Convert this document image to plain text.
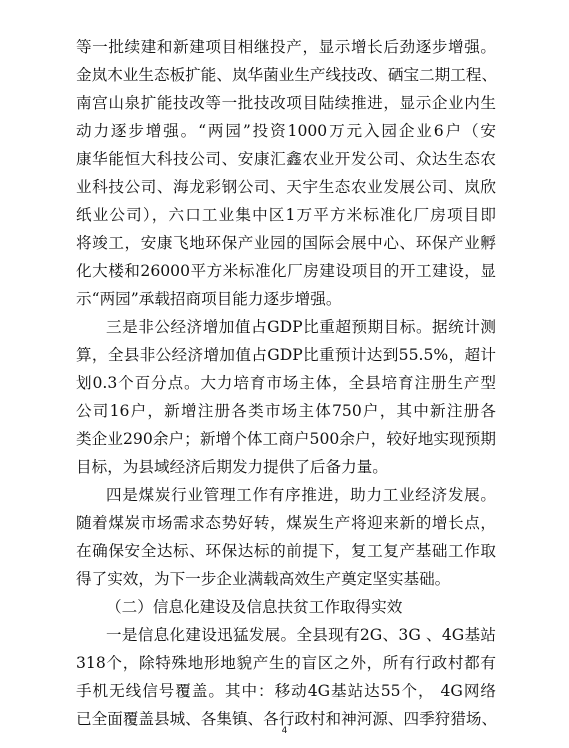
等一批续建和新建项目相继投产，显示增长后劲逐步增强。
金岚木业生态板扩能、岚华菌业生产线技改、硒宝二期工程、
南宫山泉扩能技改等一批技改项目陆续推进，显示企业内生
动力逐步增强。“两园”投资1000万元入园企业6户（安
康华能恒大科技公司、安康汇鑫农业开发公司、众达生态农
业科技公司、海龙彩钢公司、天宇生态农业发展公司、岚欣
纸业公司），六口工业集中区1万平方米标准化厂房项目即
将竣工，安康飞地环保产业园的国际会展中心、环保产业孵
化大楼和26000平方米标准化厂房建设项目的开工建设，显
示“两园”承载招商项目能力逐步增强。
三是非公经济增加值占GDP比重超预期目标。据统计测
算，全县非公经济增加值占GDP比重预计达到55.5%，超计
划0.3个百分点。大力培育市场主体，全县培育注册生产型
公司16户，新增注册各类市场主体750户，其中新注册各
类企业290余户；新增个体工商户500余户，较好地实现预期
目标，为县域经济后期发力提供了后备力量。
四是煤炭行业管理工作有序推进，助力工业经济发展。
随着煤炭市场需求态势好转，煤炭生产将迎来新的增长点，
在确保安全达标、环保达标的前提下，复工复产基础工作取
得了实效，为下一步企业满载高效生产奠定坚实基础。
（二）信息化建设及信息扶贫工作取得实效
一是信息化建设迅猛发展。全县现有2G、3G 、4G基站
318个，除特殊地形地貌产生的盲区之外，所有行政村都有
手机无线信号覆盖。其中：移动4G基站达55个， 4G网络
已全面覆盖县城、各集镇、各行政村和神河源、四季狩猎场、
4
